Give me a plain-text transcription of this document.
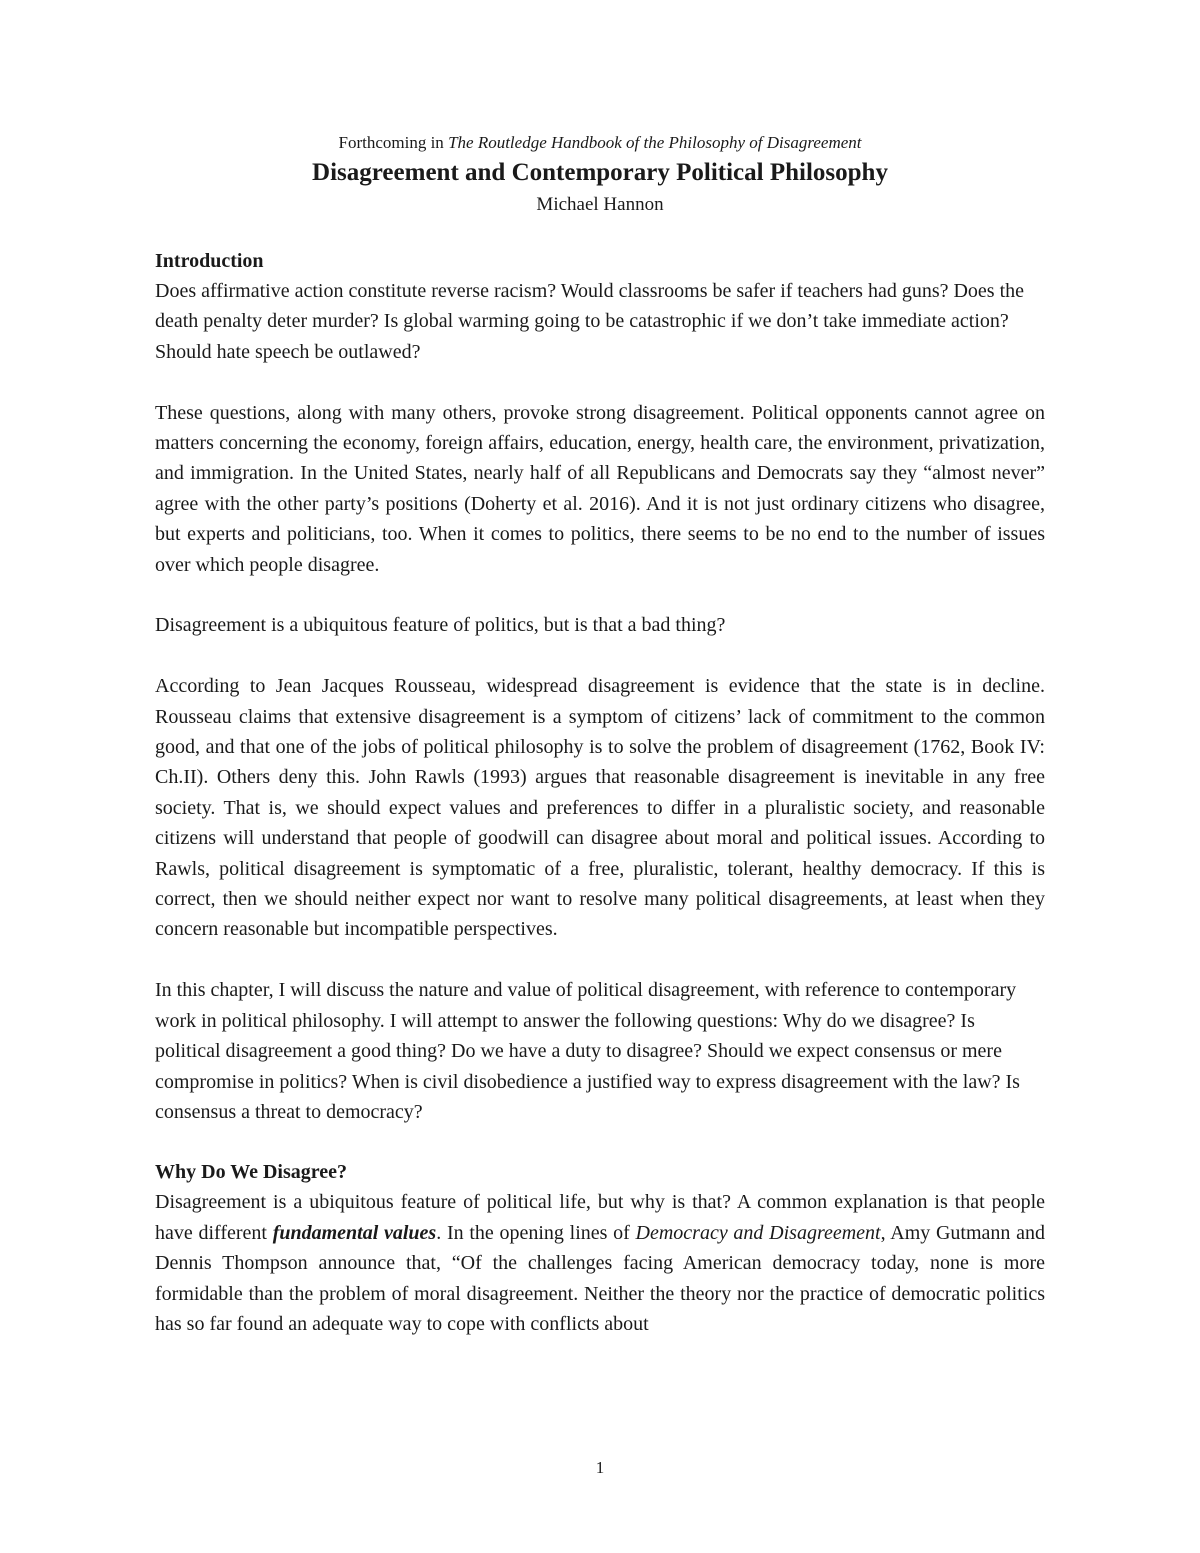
Forthcoming in The Routledge Handbook of the Philosophy of Disagreement

Disagreement and Contemporary Political Philosophy

Michael Hannon

Introduction

Does affirmative action constitute reverse racism? Would classrooms be safer if teachers had guns? Does the death penalty deter murder? Is global warming going to be catastrophic if we don’t take immediate action? Should hate speech be outlawed?

These questions, along with many others, provoke strong disagreement. Political opponents cannot agree on matters concerning the economy, foreign affairs, education, energy, health care, the environment, privatization, and immigration. In the United States, nearly half of all Republicans and Democrats say they “almost never” agree with the other party’s positions (Doherty et al. 2016). And it is not just ordinary citizens who disagree, but experts and politicians, too. When it comes to politics, there seems to be no end to the number of issues over which people disagree.

Disagreement is a ubiquitous feature of politics, but is that a bad thing?

According to Jean Jacques Rousseau, widespread disagreement is evidence that the state is in decline. Rousseau claims that extensive disagreement is a symptom of citizens’ lack of commitment to the common good, and that one of the jobs of political philosophy is to solve the problem of disagreement (1762, Book IV: Ch.II). Others deny this. John Rawls (1993) argues that reasonable disagreement is inevitable in any free society. That is, we should expect values and preferences to differ in a pluralistic society, and reasonable citizens will understand that people of goodwill can disagree about moral and political issues. According to Rawls, political disagreement is symptomatic of a free, pluralistic, tolerant, healthy democracy. If this is correct, then we should neither expect nor want to resolve many political disagreements, at least when they concern reasonable but incompatible perspectives.

In this chapter, I will discuss the nature and value of political disagreement, with reference to contemporary work in political philosophy. I will attempt to answer the following questions: Why do we disagree? Is political disagreement a good thing? Do we have a duty to disagree? Should we expect consensus or mere compromise in politics? When is civil disobedience a justified way to express disagreement with the law? Is consensus a threat to democracy?

Why Do We Disagree?

Disagreement is a ubiquitous feature of political life, but why is that? A common explanation is that people have different fundamental values. In the opening lines of Democracy and Disagreement, Amy Gutmann and Dennis Thompson announce that, “Of the challenges facing American democracy today, none is more formidable than the problem of moral disagreement. Neither the theory nor the practice of democratic politics has so far found an adequate way to cope with conflicts about

1
